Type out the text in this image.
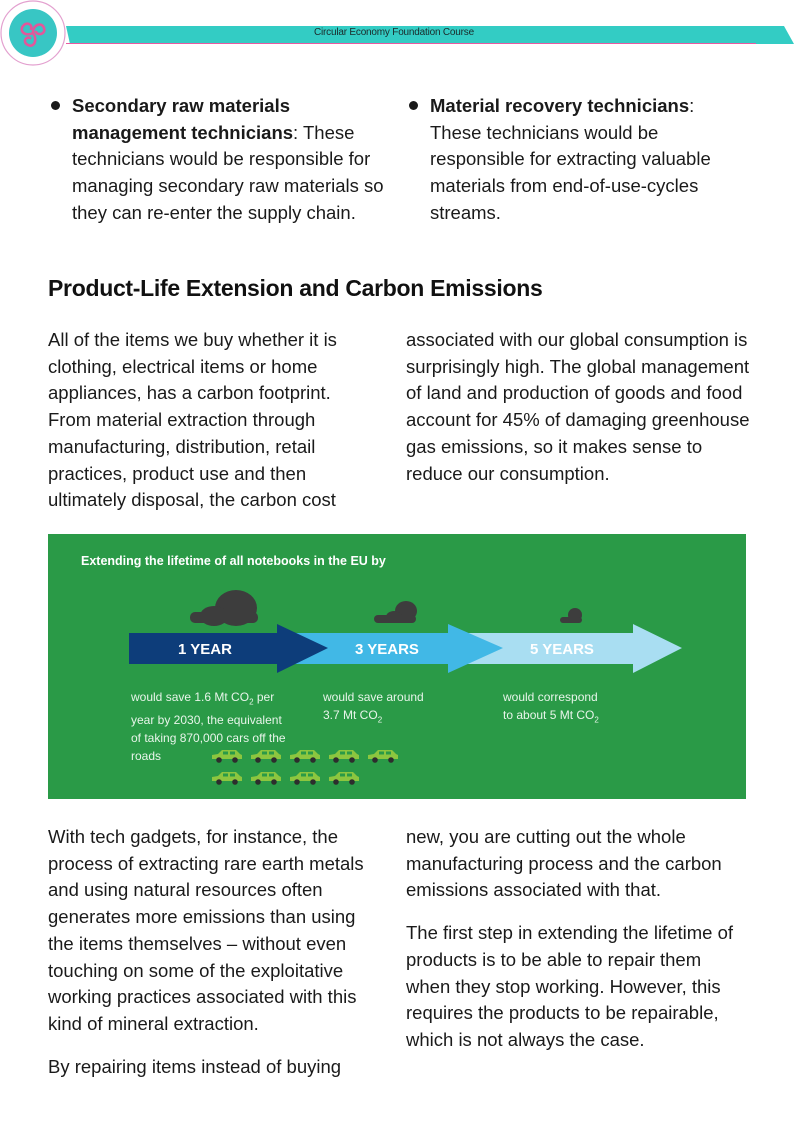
Circular Economy Foundation Course
Secondary raw materials management technicians: These technicians would be responsible for managing secondary raw materials so they can re-enter the supply chain.
Material recovery technicians: These technicians would be responsible for extracting valuable materials from end-of-use-cycles streams.
Product-Life Extension and Carbon Emissions
All of the items we buy whether it is clothing, electrical items or home appliances, has a carbon footprint. From material extraction through manufacturing, distribution, retail practices, product use and then ultimately disposal, the carbon cost
associated with our global consumption is surprisingly high. The global management of land and production of goods and food account for 45% of damaging greenhouse gas emissions, so it makes sense to reduce our consumption.
Extending the lifetime of all notebooks in the EU by
1 YEAR	3 YEARS	5 YEARS
would save 1.6 Mt $CO_2$ per
year by 2030, the equivalent
of taking 870,000 cars off the
roads
would save around
3.7 Mt $CO_2$
would correspond
to about 5 Mt $CO_2$

With tech gadgets, for instance, the process of extracting rare earth metals and using natural resources often generates more emissions than using the items themselves – without even touching on some of the exploitative working practices associated with this kind of mineral extraction.

By repairing items instead of buying

new, you are cutting out the whole manufacturing process and the carbon emissions associated with that.

The first step in extending the lifetime of products is to be able to repair them when they stop working. However, this requires the products to be repairable, which is not always the case.
